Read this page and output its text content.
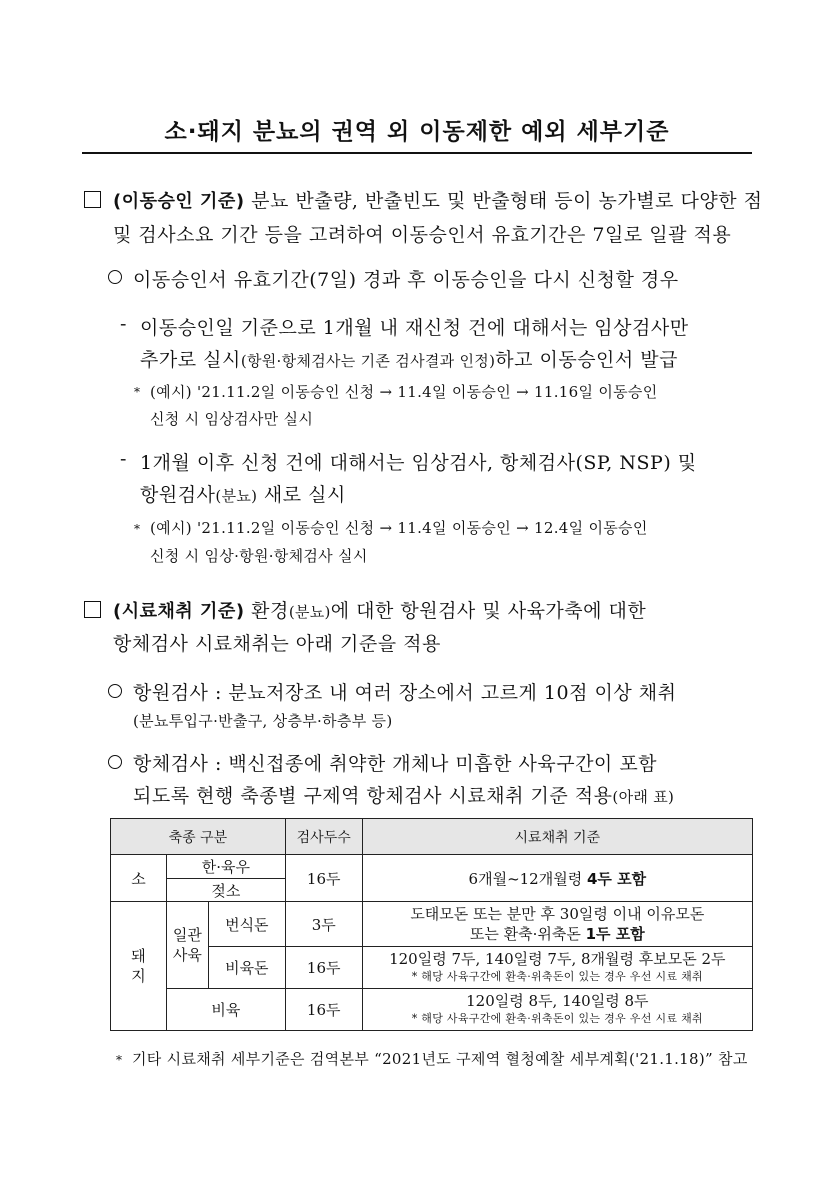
소·돼지 분뇨의 권역 외 이동제한 예외 세부기준
(이동승인 기준) 분뇨 반출량, 반출빈도 및 반출형태 등이 농가별로 다양한 점
및 검사소요 기간 등을 고려하여 이동승인서 유효기간은 7일로 일괄 적용
이동승인서 유효기간(7일) 경과 후 이동승인을 다시 신청할 경우
- 이동승인일 기준으로 1개월 내 재신청 건에 대해서는 임상검사만
추가로 실시(항원·항체검사는 기존 검사결과 인정)하고 이동승인서 발급
* (예시) '21.11.2일 이동승인 신청 → 11.4일 이동승인 → 11.16일 이동승인
신청 시 임상검사만 실시
- 1개월 이후 신청 건에 대해서는 임상검사, 항체검사(SP, NSP) 및
항원검사(분뇨) 새로 실시
* (예시) '21.11.2일 이동승인 신청 → 11.4일 이동승인 → 12.4일 이동승인
신청 시 임상·항원·항체검사 실시
(시료채취 기준) 환경(분뇨)에 대한 항원검사 및 사육가축에 대한
항체검사 시료채취는 아래 기준을 적용
항원검사 : 분뇨저장조 내 여러 장소에서 고르게 10점 이상 채취
(분뇨투입구·반출구, 상층부·하층부 등)
항체검사 : 백신접종에 취약한 개체나 미흡한 사육구간이 포함
되도록 현행 축종별 구제역 항체검사 시료채취 기준 적용(아래 표)
축종 구분			검사두수	시료채취 기준
소	한·육우		16두	6개월~12개월령 4두 포함
	젖소			
돼지	일관사육	번식돈	3두	도태모돈 또는 분만 후 30일령 이내 이유모돈
또는 환축·위축돈 1두 포함

		비육돈	16두	120일령 7두, 140일령 7두, 8개월령 후보모돈 2두
* 해당 사육구간에 환축·위축돈이 있는 경우 우선 시료 채취

	비육		16두	120일령 8두, 140일령 8두
* 해당 사육구간에 환축·위축돈이 있는 경우 우선 시료 채취
* 기타 시료채취 세부기준은 검역본부 “2021년도 구제역 혈청예찰 세부계획('21.1.18)” 참고
